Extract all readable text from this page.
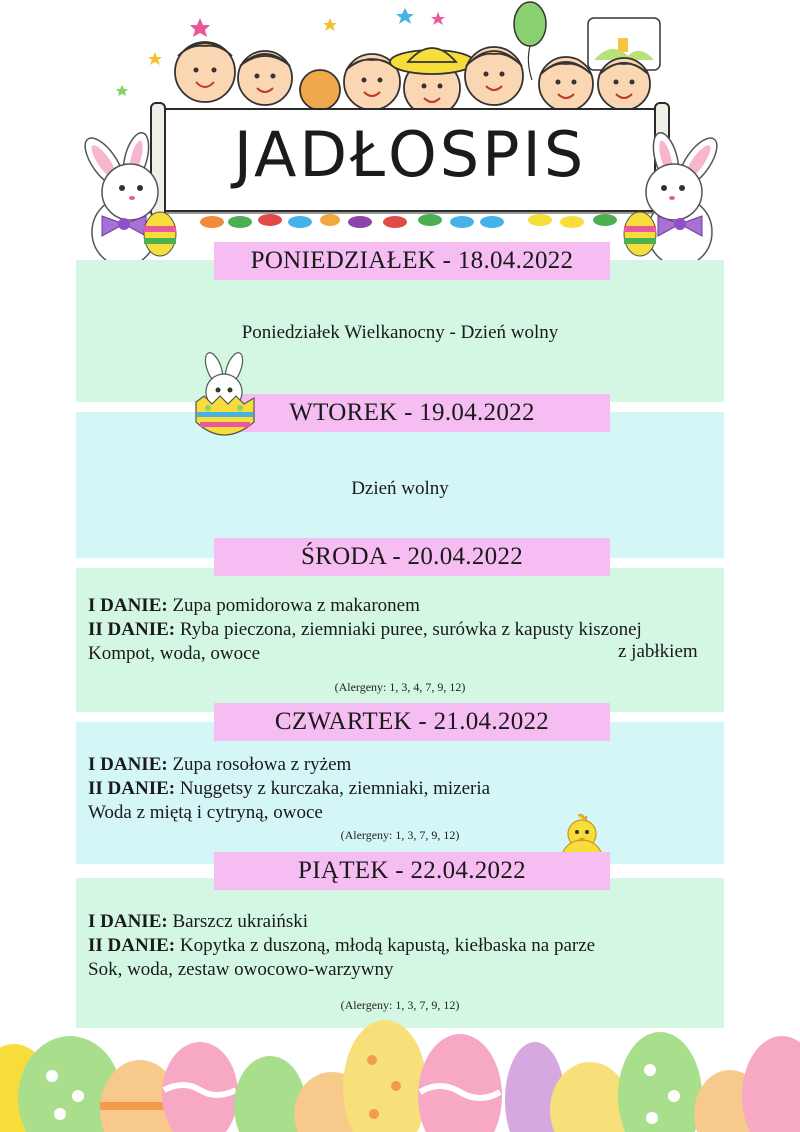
JADŁOSPIS
PONIEDZIAŁEK - 18.04.2022
Poniedziałek Wielkanocny - Dzień wolny
WTOREK - 19.04.2022
Dzień wolny
ŚRODA - 20.04.2022
I DANIE: Zupa pomidorowa z makaronem
II DANIE: Ryba pieczona, ziemniaki puree, surówka z kapusty kiszonej
Kompot, woda, owoce	z jabłkiem
(Alergeny: 1, 3, 4, 7, 9, 12)
CZWARTEK - 21.04.2022
I DANIE: Zupa rosołowa z ryżem
II DANIE: Nuggetsy z kurczaka, ziemniaki, mizeria
Woda z miętą i cytryną, owoce
(Alergeny: 1, 3, 7, 9, 12)
PIĄTEK - 22.04.2022
I DANIE: Barszcz ukraiński
II DANIE: Kopytka z duszoną, młodą kapustą, kiełbaska na parze
Sok, woda, zestaw owocowo-warzywny
(Alergeny: 1, 3, 7, 9, 12)
